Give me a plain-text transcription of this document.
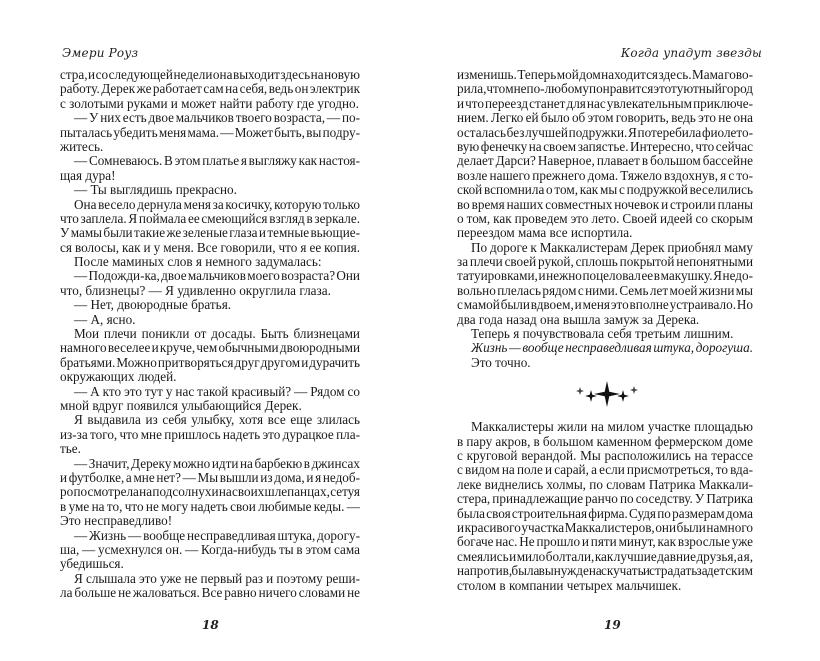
Эмери Роуз
стра, и со следующей недели она выходит здесь на новую
работу. Дерек же работает сам на себя, ведь он электрик
с золотыми руками и может найти работу где угодно.
— У них есть двое мальчиков твоего возраста, — по-
пыталась убедить меня мама. — Может быть, вы подру-
житесь.
— Сомневаюсь. В этом платье я выгляжу как настоя-
щая дура!
— Ты выглядишь прекрасно.
Она весело дернула меня за косичку, которую только
что заплела. Я поймала ее смеющийся взгляд в зеркале.
У мамы были такие же зеленые глаза и темные вьющие-
ся волосы, как и у меня. Все говорили, что я ее копия.
После маминых слов я немного задумалась:
— Подожди-ка, двое мальчиков моего возраста? Они
что, близнецы? — Я удивленно округлила глаза.
— Нет, двоюродные братья.
— А, ясно.
Мои плечи поникли от досады. Быть близнецами
намного веселее и круче, чем обычными двоюродными
братьями. Можно притворяться друг другом и дурачить
окружающих людей.
— А кто это тут у нас такой красивый? — Рядом со
мной вдруг появился улыбающийся Дерек.
Я выдавила из себя улыбку, хотя все еще злилась
из-за того, что мне пришлось надеть это дурацкое пла-
тье.
— Значит, Дереку можно идти на барбекю в джинсах
и футболке, а мне нет? — Мы вышли из дома, и я недоб-
ро посмотрела на подсолнухи на своих шлепанцах, сетуя
в уме на то, что не могу надеть свои любимые кеды. —
Это несправедливо!
— Жизнь — вообще несправедливая штука, дорогу-
ша, — усмехнулся он. — Когда-нибудь ты в этом сама
убедишься.
Я слышала это уже не первый раз и поэтому реши-
ла больше не жаловаться. Все равно ничего словами не
18
Когда упадут звезды
изменишь. Теперь мой дом находится здесь. Мама гово-
рила, что мне по-любому понравится этот уютный город
и что переезд станет для нас увлекательным приключе-
нием. Легко ей было об этом говорить, ведь это не она
осталась без лучшей подружки. Я потеребила фиолето-
вую фенечку на своем запястье. Интересно, что сейчас
делает Дарси? Наверное, плавает в большом бассейне
возле нашего прежнего дома. Тяжело вздохнув, я с то-
ской вспомнила о том, как мы с подружкой веселились
во время наших совместных ночевок и строили планы
о том, как проведем это лето. Своей идеей со скорым
переездом мама все испортила.
По дороге к Маккалистерам Дерек приобнял маму
за плечи своей рукой, сплошь покрытой непонятными
татуировками, и нежно поцеловал ее в макушку. Я недо-
вольно плелась рядом с ними. Семь лет моей жизни мы
с мамой были вдвоем, и меня это вполне устраивало. Но
два года назад она вышла замуж за Дерека.
Теперь я почувствовала себя третьим лишним.
Жизнь — вообще несправедливая штука, дорогуша.
Это точно.
Маккалистеры жили на милом участке площадью
в пару акров, в большом каменном фермерском доме
с круговой верандой. Мы расположились на терассе
с видом на поле и сарай, а если присмотреться, то вда-
леке виднелись холмы, по словам Патрика Маккали-
стера, принадлежащие ранчо по соседству. У Патрика
была своя строительная фирма. Судя по размерам дома
и красивого участка Маккалистеров, они были намного
богаче нас. Не прошло и пяти минут, как взрослые уже
смеялись и мило болтали, как лучшие давние друзья, а я,
напротив, была вынуждена скучать и страдать за детским
столом в компании четырех мальчишек.
19
